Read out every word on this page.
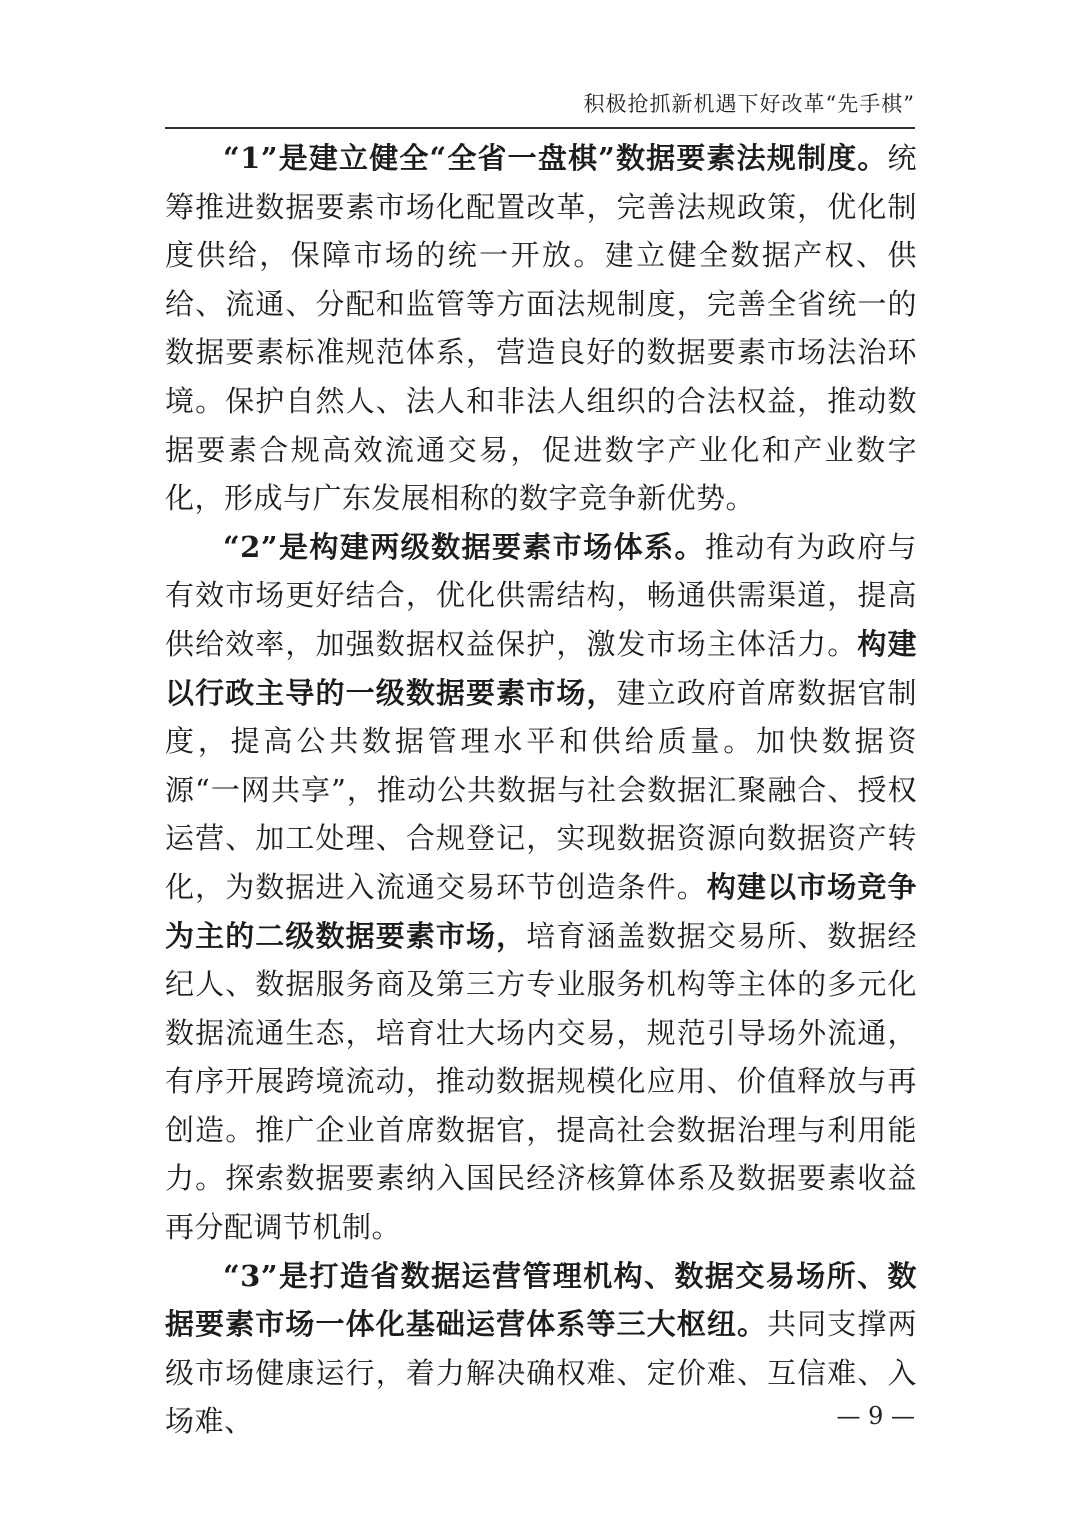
积极抢抓新机遇下好改革“先手棋”

“1”是建立健全“全省一盘棋”数据要素法规制度。统筹推进数据要素市场化配置改革，完善法规政策，优化制度供给，保障市场的统一开放。建立健全数据产权、供给、流通、分配和监管等方面法规制度，完善全省统一的数据要素标准规范体系，营造良好的数据要素市场法治环境。保护自然人、法人和非法人组织的合法权益，推动数据要素合规高效流通交易，促进数字产业化和产业数字化，形成与广东发展相称的数字竞争新优势。

“2”是构建两级数据要素市场体系。推动有为政府与有效市场更好结合，优化供需结构，畅通供需渠道，提高供给效率，加强数据权益保护，激发市场主体活力。构建以行政主导的一级数据要素市场，建立政府首席数据官制度，提高公共数据管理水平和供给质量。加快数据资源“一网共享”，推动公共数据与社会数据汇聚融合、授权运营、加工处理、合规登记，实现数据资源向数据资产转化，为数据进入流通交易环节创造条件。构建以市场竞争为主的二级数据要素市场，培育涵盖数据交易所、数据经纪人、数据服务商及第三方专业服务机构等主体的多元化数据流通生态，培育壮大场内交易，规范引导场外流通，有序开展跨境流动，推动数据规模化应用、价值释放与再创造。推广企业首席数据官，提高社会数据治理与利用能力。探索数据要素纳入国民经济核算体系及数据要素收益再分配调节机制。

“3”是打造省数据运营管理机构、数据交易场所、数据要素市场一体化基础运营体系等三大枢纽。共同支撑两级市场健康运行，着力解决确权难、定价难、互信难、入场难、	— 9 —
